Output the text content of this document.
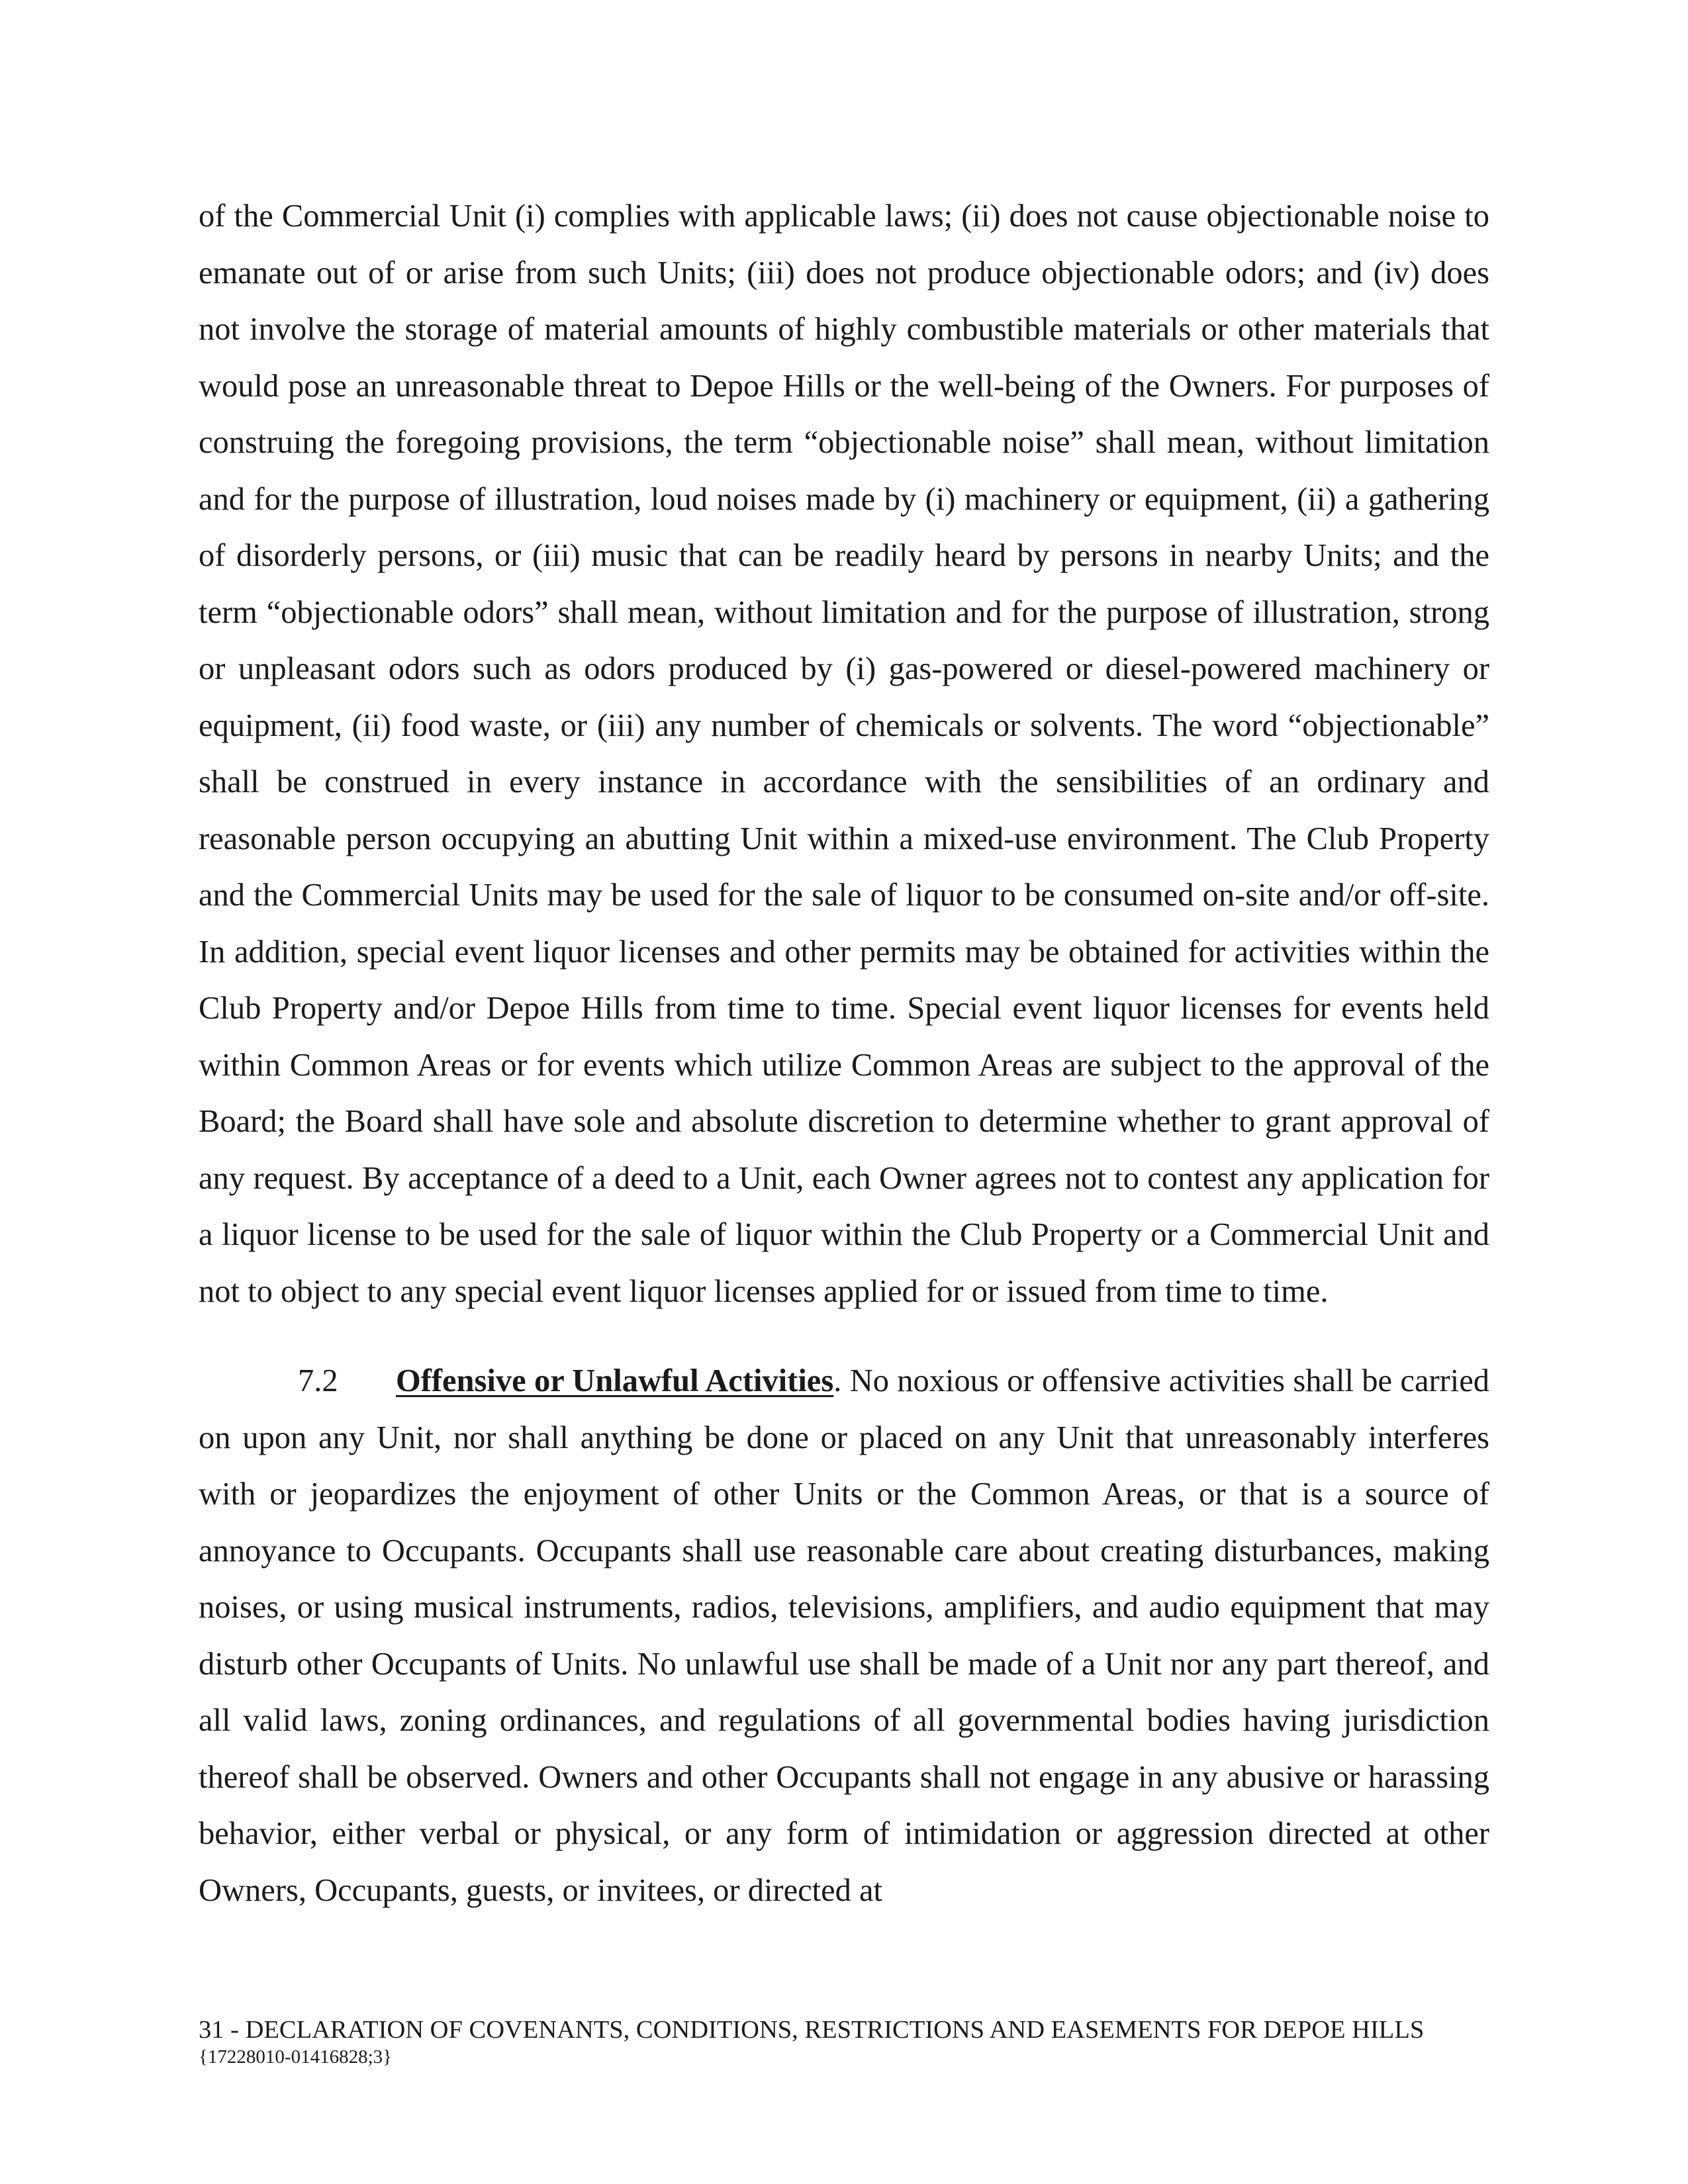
of the Commercial Unit (i) complies with applicable laws; (ii) does not cause objectionable noise to emanate out of or arise from such Units; (iii) does not produce objectionable odors; and (iv) does not involve the storage of material amounts of highly combustible materials or other materials that would pose an unreasonable threat to Depoe Hills or the well-being of the Owners. For purposes of construing the foregoing provisions, the term “objectionable noise” shall mean, without limitation and for the purpose of illustration, loud noises made by (i) machinery or equipment, (ii) a gathering of disorderly persons, or (iii) music that can be readily heard by persons in nearby Units; and the term “objectionable odors” shall mean, without limitation and for the purpose of illustration, strong or unpleasant odors such as odors produced by (i) gas-powered or diesel-powered machinery or equipment, (ii) food waste, or (iii) any number of chemicals or solvents. The word “objectionable” shall be construed in every instance in accordance with the sensibilities of an ordinary and reasonable person occupying an abutting Unit within a mixed-use environment. The Club Property and the Commercial Units may be used for the sale of liquor to be consumed on-site and/or off-site. In addition, special event liquor licenses and other permits may be obtained for activities within the Club Property and/or Depoe Hills from time to time. Special event liquor licenses for events held within Common Areas or for events which utilize Common Areas are subject to the approval of the Board; the Board shall have sole and absolute discretion to determine whether to grant approval of any request. By acceptance of a deed to a Unit, each Owner agrees not to contest any application for a liquor license to be used for the sale of liquor within the Club Property or a Commercial Unit and not to object to any special event liquor licenses applied for or issued from time to time.

7.2 Offensive or Unlawful Activities. No noxious or offensive activities shall be carried on upon any Unit, nor shall anything be done or placed on any Unit that unreasonably interferes with or jeopardizes the enjoyment of other Units or the Common Areas, or that is a source of annoyance to Occupants. Occupants shall use reasonable care about creating disturbances, making noises, or using musical instruments, radios, televisions, amplifiers, and audio equipment that may disturb other Occupants of Units. No unlawful use shall be made of a Unit nor any part thereof, and all valid laws, zoning ordinances, and regulations of all governmental bodies having jurisdiction thereof shall be observed. Owners and other Occupants shall not engage in any abusive or harassing behavior, either verbal or physical, or any form of intimidation or aggression directed at other Owners, Occupants, guests, or invitees, or directed at

31 - DECLARATION OF COVENANTS, CONDITIONS, RESTRICTIONS AND EASEMENTS FOR DEPOE HILLS
{17228010-01416828;3}
